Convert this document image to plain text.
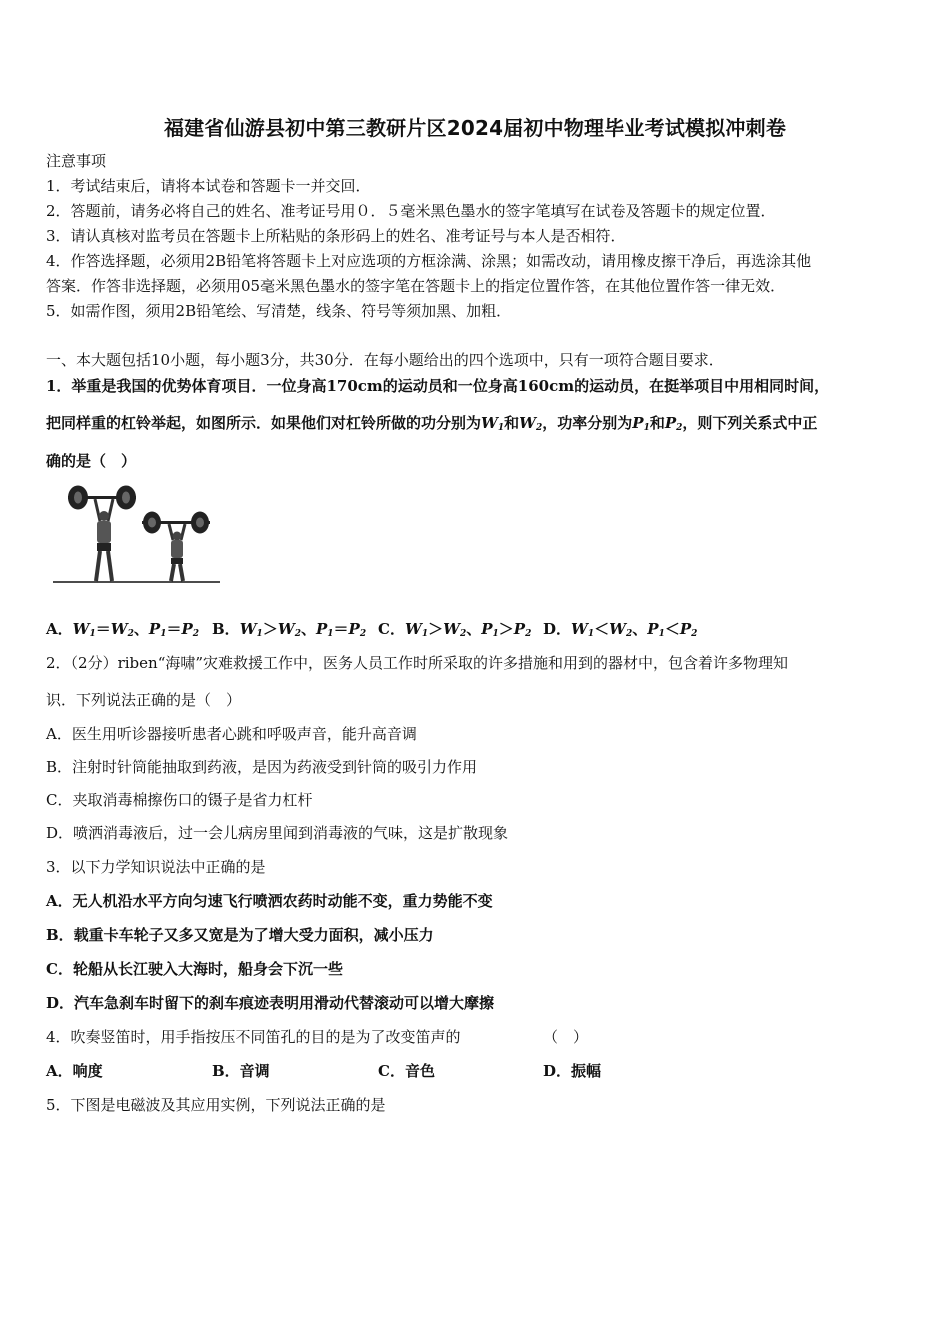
福建省仙游县初中第三教研片区2024届初中物理毕业考试模拟冲刺卷
注意事项
1．考试结束后，请将本试卷和答题卡一并交回．
2．答题前，请务必将自己的姓名、准考证号用０．５毫米黑色墨水的签字笔填写在试卷及答题卡的规定位置．
3．请认真核对监考员在答题卡上所粘贴的条形码上的姓名、准考证号与本人是否相符．
4．作答选择题，必须用2B铅笔将答题卡上对应选项的方框涂满、涂黑；如需改动，请用橡皮擦干净后，再选涂其他
答案．作答非选择题，必须用05毫米黑色墨水的签字笔在答题卡上的指定位置作答，在其他位置作答一律无效．
5．如需作图，须用2B铅笔绘、写清楚，线条、符号等须加黑、加粗．
一、本大题包括10小题，每小题3分，共30分．在每小题给出的四个选项中，只有一项符合题目要求．
1．举重是我国的优势体育项目．一位身高170cm的运动员和一位身高160cm的运动员，在挺举项目中用相同时间，
把同样重的杠铃举起，如图所示．如果他们对杠铃所做的功分别为$W_1$和$W_2$，功率分别为$P_1$和$P_2$，则下列关系式中正
确的是（　）
A．$W_1=W_2$、$P_1=P_2$ B．$W_1>W_2$、$P_1=P_2$ C．$W_1>W_2$、$P_1>P_2$ D．$W_1<W_2$、$P_1<P_2$
2．（2分）riben“海啸”灾难救援工作中，医务人员工作时所采取的许多措施和用到的器材中，包含着许多物理知
识．下列说法正确的是（　）
A．医生用听诊器接听患者心跳和呼吸声音，能升高音调
B．注射时针筒能抽取到药液，是因为药液受到针筒的吸引力作用
C．夹取消毒棉擦伤口的镊子是省力杠杆
D．喷洒消毒液后，过一会儿病房里闻到消毒液的气味，这是扩散现象
3．以下力学知识说法中正确的是
A．无人机沿水平方向匀速飞行喷洒农药时动能不变，重力势能不变
B．载重卡车轮子又多又宽是为了增大受力面积，减小压力
C．轮船从长江驶入大海时，船身会下沉一些
D．汽车急刹车时留下的刹车痕迹表明用滑动代替滚动可以增大摩擦
4．吹奏竖笛时，用手指按压不同笛孔的目的是为了改变笛声的	（　）
A．响度	B．音调	C．音色	D．振幅
5．下图是电磁波及其应用实例，下列说法正确的是
